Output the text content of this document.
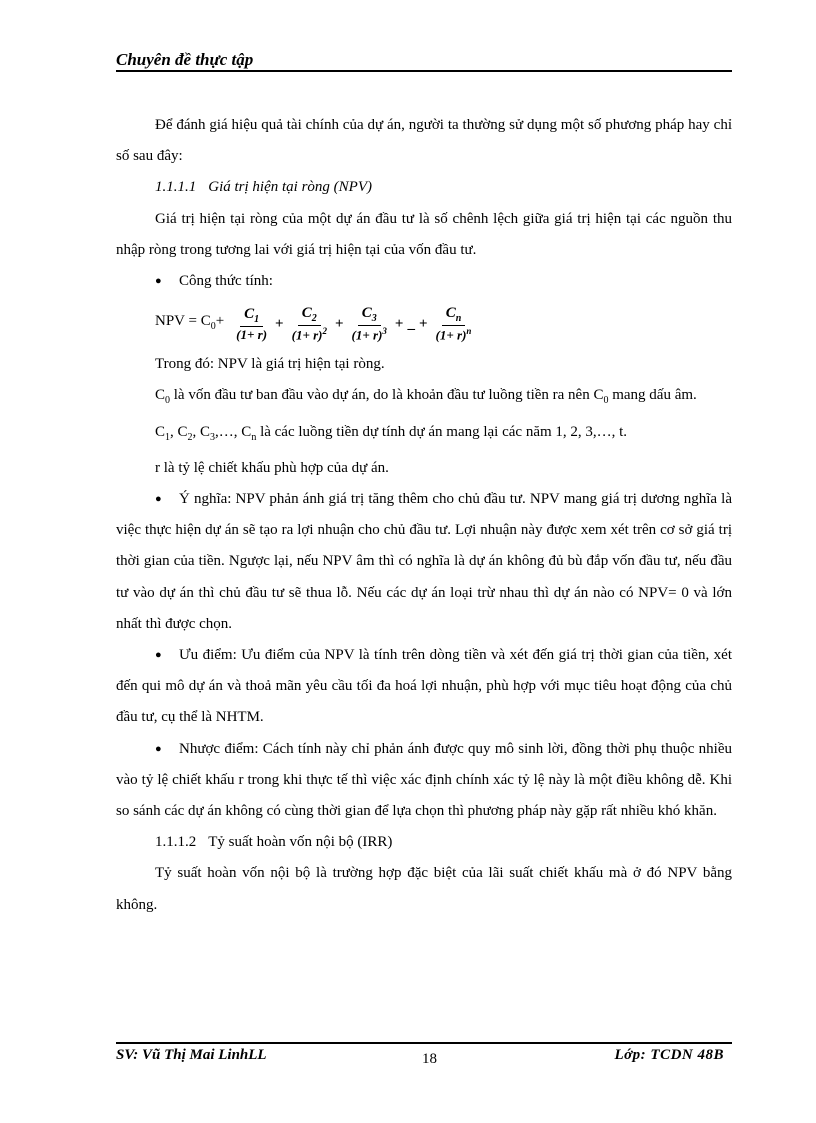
Chuyên đề thực tập

Để đánh giá hiệu quả tài chính của dự án, người ta thường sử dụng một số phương pháp hay chỉ số sau đây:

1.1.1.1 Giá trị hiện tại ròng (NPV)

Giá trị hiện tại ròng của một dự án đầu tư là số chênh lệch giữa giá trị hiện tại các nguồn thu nhập ròng trong tương lai với giá trị hiện tại của vốn đầu tư.

● Công thức tính:

NPV = $C_0+ \frac{C_1}{(1+ r)} + \frac{C_2}{(1+ r)^2} + \frac{C_3}{(1+ r)^3}$ + _ + $\frac{C_n}{(1+ r)^n}$

Trong đó: NPV là giá trị hiện tại ròng.

$C_0$ là vốn đầu tư ban đầu vào dự án, do là khoản đầu tư luồng tiền ra nên $C_0$ mang dấu âm.

$C_1$, $C_2$, $C_3,\dots$, $C_n$ là các luồng tiền dự tính dự án mang lại các năm 1, 2, 3,…, t.

r là tỷ lệ chiết khấu phù hợp của dự án.

● Ý nghĩa: NPV phản ánh giá trị tăng thêm cho chủ đầu tư. NPV mang giá trị dương nghĩa là việc thực hiện dự án sẽ tạo ra lợi nhuận cho chủ đầu tư. Lợi nhuận này được xem xét trên cơ sở giá trị thời gian của tiền. Ngược lại, nếu NPV âm thì có nghĩa là dự án không đủ bù đắp vốn đầu tư, nếu đầu tư vào dự án thì chủ đầu tư sẽ thua lỗ. Nếu các dự án loại trừ nhau thì dự án nào có NPV= 0 và lớn nhất thì được chọn.

● Ưu điểm: Ưu điểm của NPV là tính trên dòng tiền và xét đến giá trị thời gian của tiền, xét đến qui mô dự án và thoả mãn yêu cầu tối đa hoá lợi nhuận, phù hợp với mục tiêu hoạt động của chủ đầu tư, cụ thể là NHTM.

● Nhược điểm: Cách tính này chỉ phản ánh được quy mô sinh lời, đồng thời phụ thuộc nhiều vào tỷ lệ chiết khấu r trong khi thực tế thì việc xác định chính xác tỷ lệ này là một điều không dễ. Khi so sánh các dự án không có cùng thời gian để lựa chọn thì phương pháp này gặp rất nhiều khó khăn.

1.1.1.2 Tỷ suất hoàn vốn nội bộ (IRR)

Tỷ suất hoàn vốn nội bộ là trường hợp đặc biệt của lãi suất chiết khấu mà ở đó NPV bằng không.

SV: Vũ Thị Mai LinhLL	18	Lớp: TCDN 48B
